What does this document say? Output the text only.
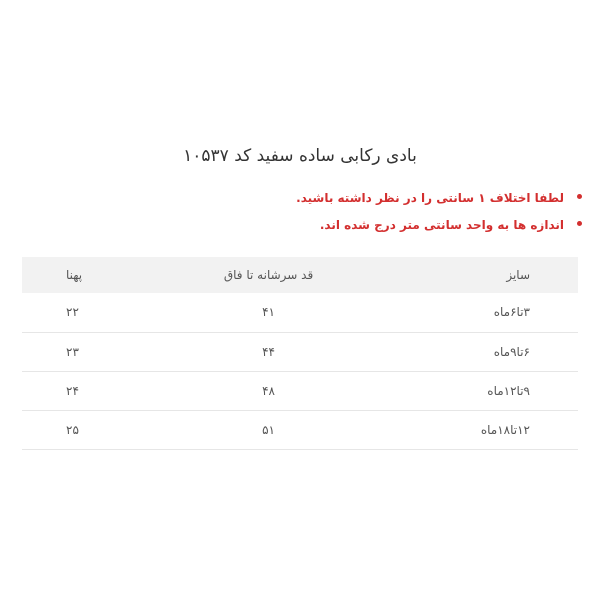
بادی رکابی ساده سفید کد ۱۰۵۳۷
لطفا اختلاف ۱ سانتی را در نظر داشته باشید.
اندازه ها به واحد سانتی متر درج شده اند.
سایز	قد سرشانه تا فاق	پهنا
۳تا۶ماه	۴۱	۲۲
۶تا۹ماه	۴۴	۲۳
۹تا۱۲ماه	۴۸	۲۴
۱۲تا۱۸ماه	۵۱	۲۵
